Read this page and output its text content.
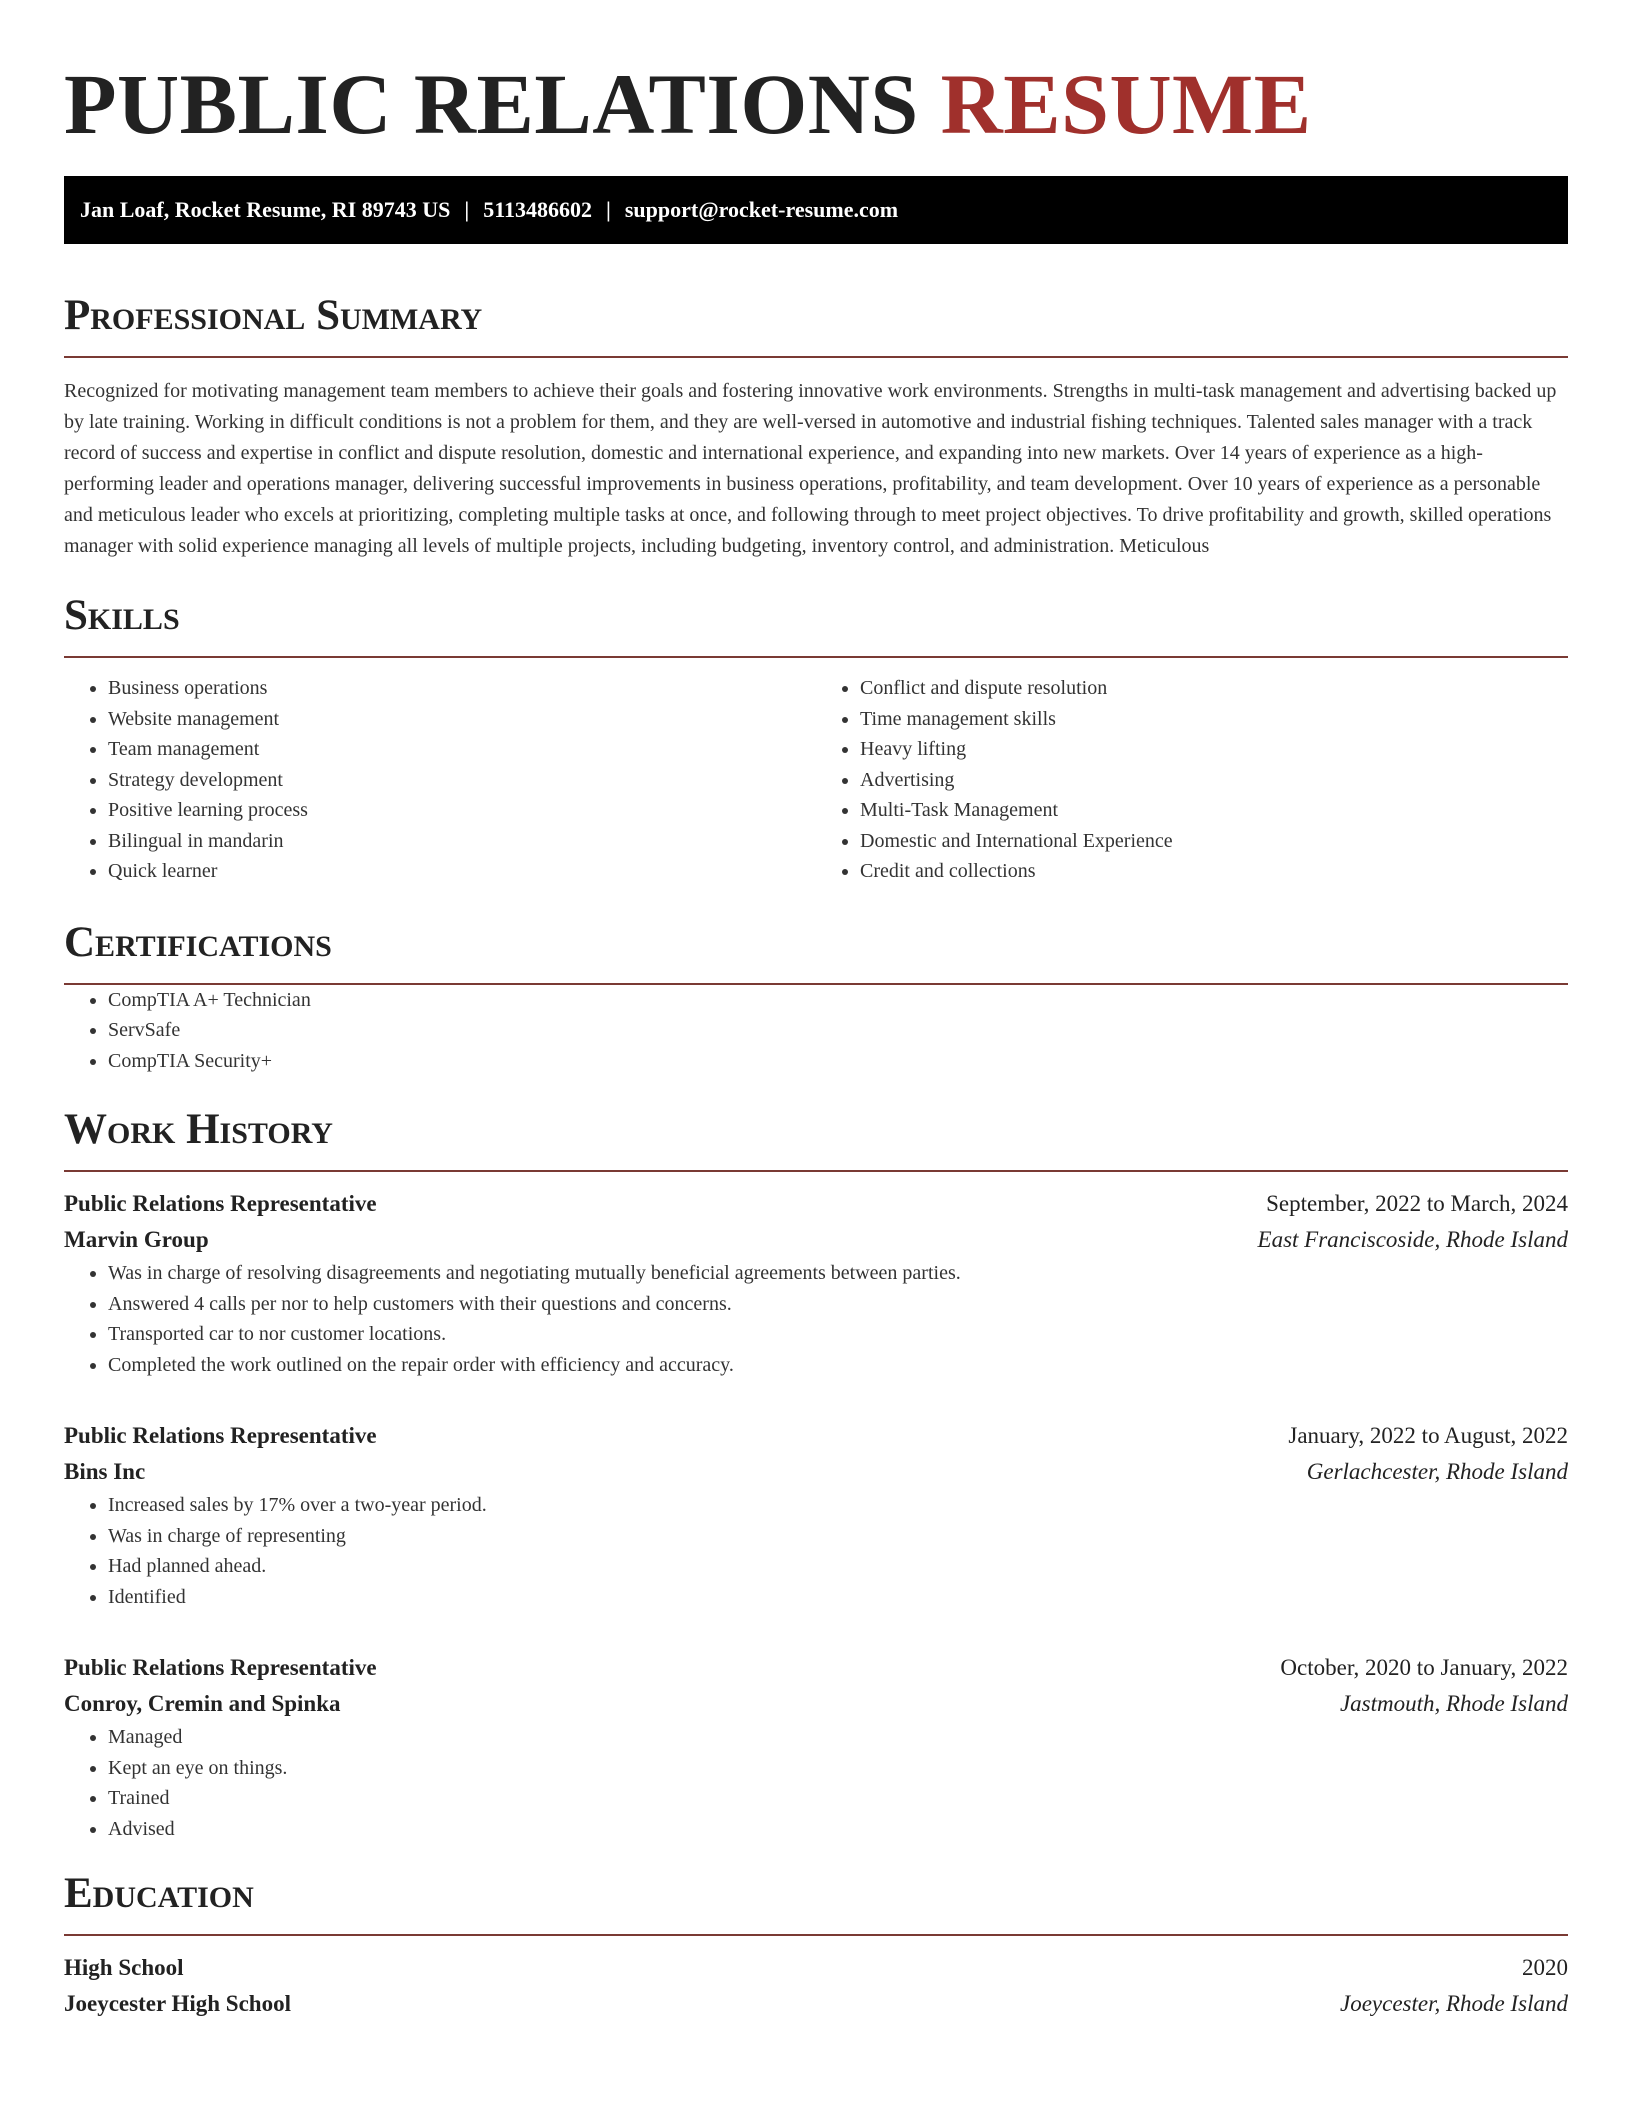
PUBLIC RELATIONS RESUME
Jan Loaf, Rocket Resume, RI 89743 US | 5113486602 | support@rocket-resume.com
Professional Summary

Recognized for motivating management team members to achieve their goals and fostering innovative work environments. Strengths in multi-task management and advertising backed up by late training. Working in difficult conditions is not a problem for them, and they are well-versed in automotive and industrial fishing techniques. Talented sales manager with a track record of success and expertise in conflict and dispute resolution, domestic and international experience, and expanding into new markets. Over 14 years of experience as a high-performing leader and operations manager, delivering successful improvements in business operations, profitability, and team development. Over 10 years of experience as a personable and meticulous leader who excels at prioritizing, completing multiple tasks at once, and following through to meet project objectives. To drive profitability and growth, skilled operations manager with solid experience managing all levels of multiple projects, including budgeting, inventory control, and administration. Meticulous

Skills
• Business operations
• Website management
• Team management
• Strategy development
• Positive learning process
• Bilingual in mandarin
• Quick learner
• Conflict and dispute resolution
• Time management skills
• Heavy lifting
• Advertising
• Multi-Task Management
• Domestic and International Experience
• Credit and collections
Certifications
• CompTIA A+ Technician
• ServSafe
• CompTIA Security+
Work History
Public Relations Representative	September, 2022 to March, 2024
Marvin Group	East Franciscoside, Rhode Island
• Was in charge of resolving disagreements and negotiating mutually beneficial agreements between parties.
• Answered 4 calls per nor to help customers with their questions and concerns.
• Transported car to nor customer locations.
• Completed the work outlined on the repair order with efficiency and accuracy.
Public Relations Representative	January, 2022 to August, 2022
Bins Inc	Gerlachcester, Rhode Island
• Increased sales by 17% over a two-year period.
• Was in charge of representing
• Had planned ahead.
• Identified
Public Relations Representative	October, 2020 to January, 2022
Conroy, Cremin and Spinka	Jastmouth, Rhode Island
• Managed
• Kept an eye on things.
• Trained
• Advised
Education
High School	2020
Joeycester High School	Joeycester, Rhode Island
